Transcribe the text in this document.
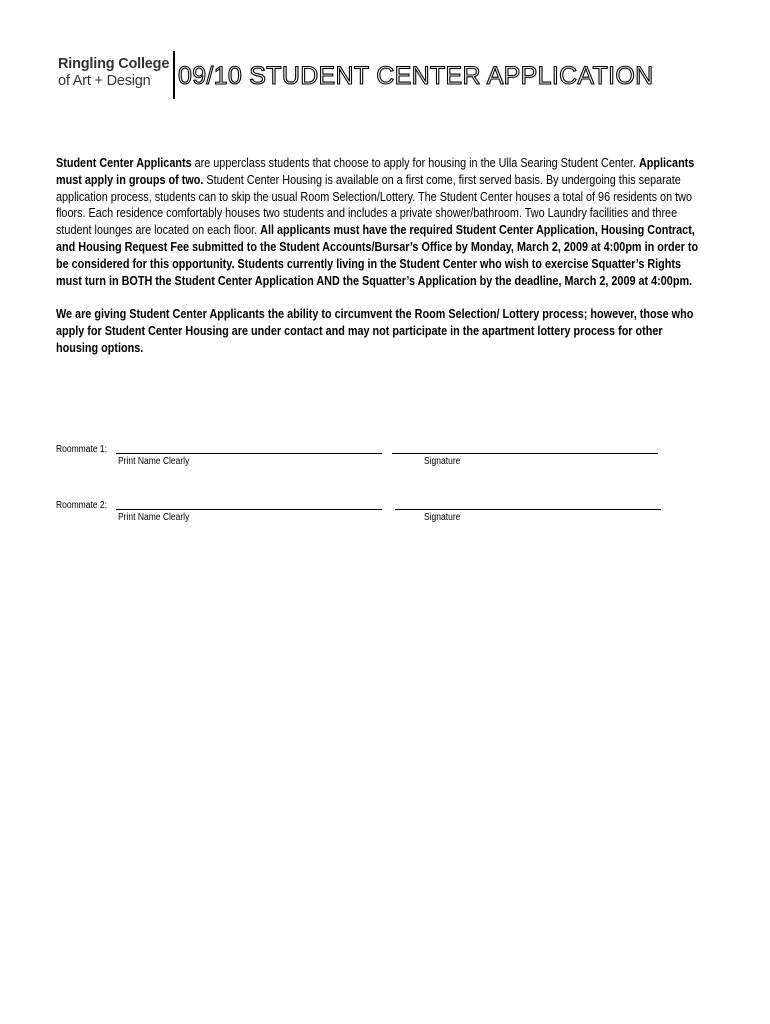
Ringling College
of Art + Design	09/10 STUDENT CENTER APPLICATION

Student Center Applicants are upperclass students that choose to apply for housing in the Ulla Searing Student Center. Applicants must apply in groups of two. Student Center Housing is available on a first come, first served basis. By undergoing this separate application process, students can to skip the usual Room Selection/Lottery. The Student Center houses a total of 96 residents on two floors. Each residence comfortably houses two students and includes a private shower/bathroom. Two Laundry facilities and three student lounges are located on each floor. All applicants must have the required Student Center Application, Housing Contract, and Housing Request Fee submitted to the Student Accounts/Bursar’s Office by Monday, March 2, 2009 at 4:00pm in order to be considered for this opportunity. Students currently living in the Student Center who wish to exercise Squatter’s Rights must turn in BOTH the Student Center Application AND the Squatter’s Application by the deadline, March 2, 2009 at 4:00pm.

We are giving Student Center Applicants the ability to circumvent the Room Selection/ Lottery process; however, those who apply for Student Center Housing are under contact and may not participate in the apartment lottery process for other housing options.

Roommate 1:
Print Name Clearly	Signature
Roommate 2:
Print Name Clearly	Signature
